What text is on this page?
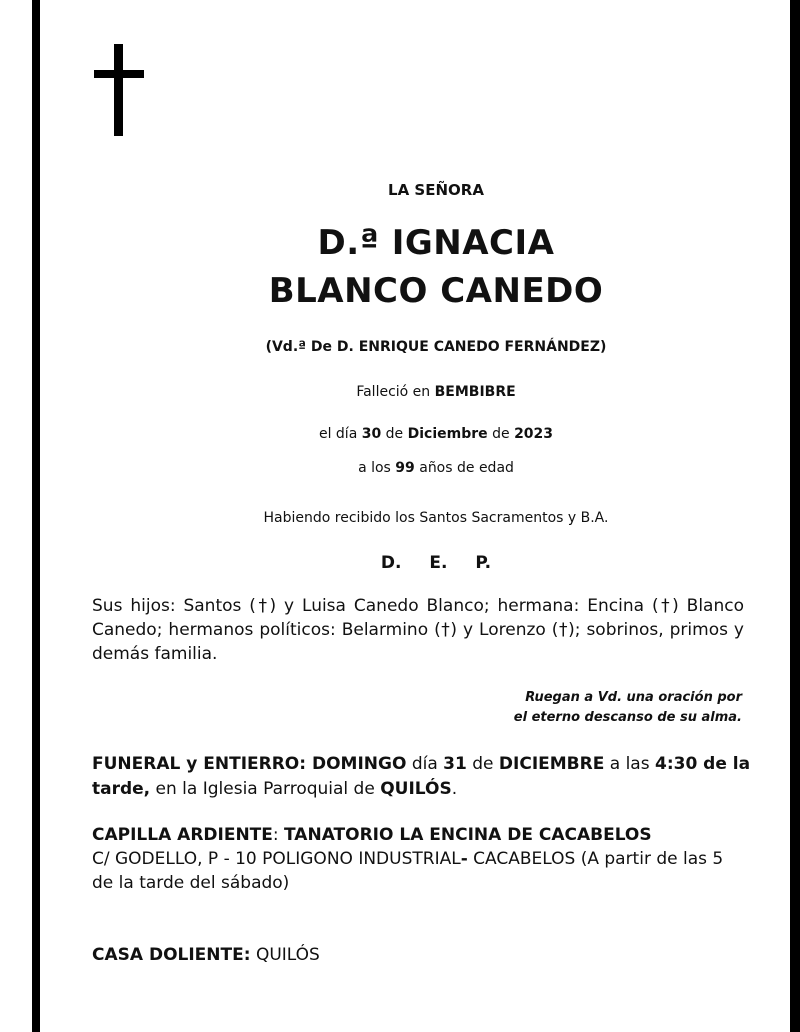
LA SEÑORA
D.ª IGNACIA
BLANCO CANEDO
(Vd.ª De D. ENRIQUE CANEDO FERNÁNDEZ)
Falleció en BEMBIBRE
el día 30 de Diciembre de 2023
a los 99 años de edad
Habiendo recibido los Santos Sacramentos y B.A.
D. E. P.
Sus hijos: Santos (†) y Luisa Canedo Blanco; hermana: Encina (†) Blanco Canedo; hermanos políticos: Belarmino (†) y Lorenzo (†); sobrinos, primos y demás familia.
Ruegan a Vd. una oración por
el eterno descanso de su alma.
FUNERAL y ENTIERRO: DOMINGO día 31 de DICIEMBRE a las 4:30 de la tarde, en la Iglesia Parroquial de QUILÓS.
CAPILLA ARDIENTE: TANATORIO LA ENCINA DE CACABELOS
C/ GODELLO, P - 10 POLIGONO INDUSTRIAL- CACABELOS (A partir de las 5 de la tarde del sábado)
CASA DOLIENTE: QUILÓS
